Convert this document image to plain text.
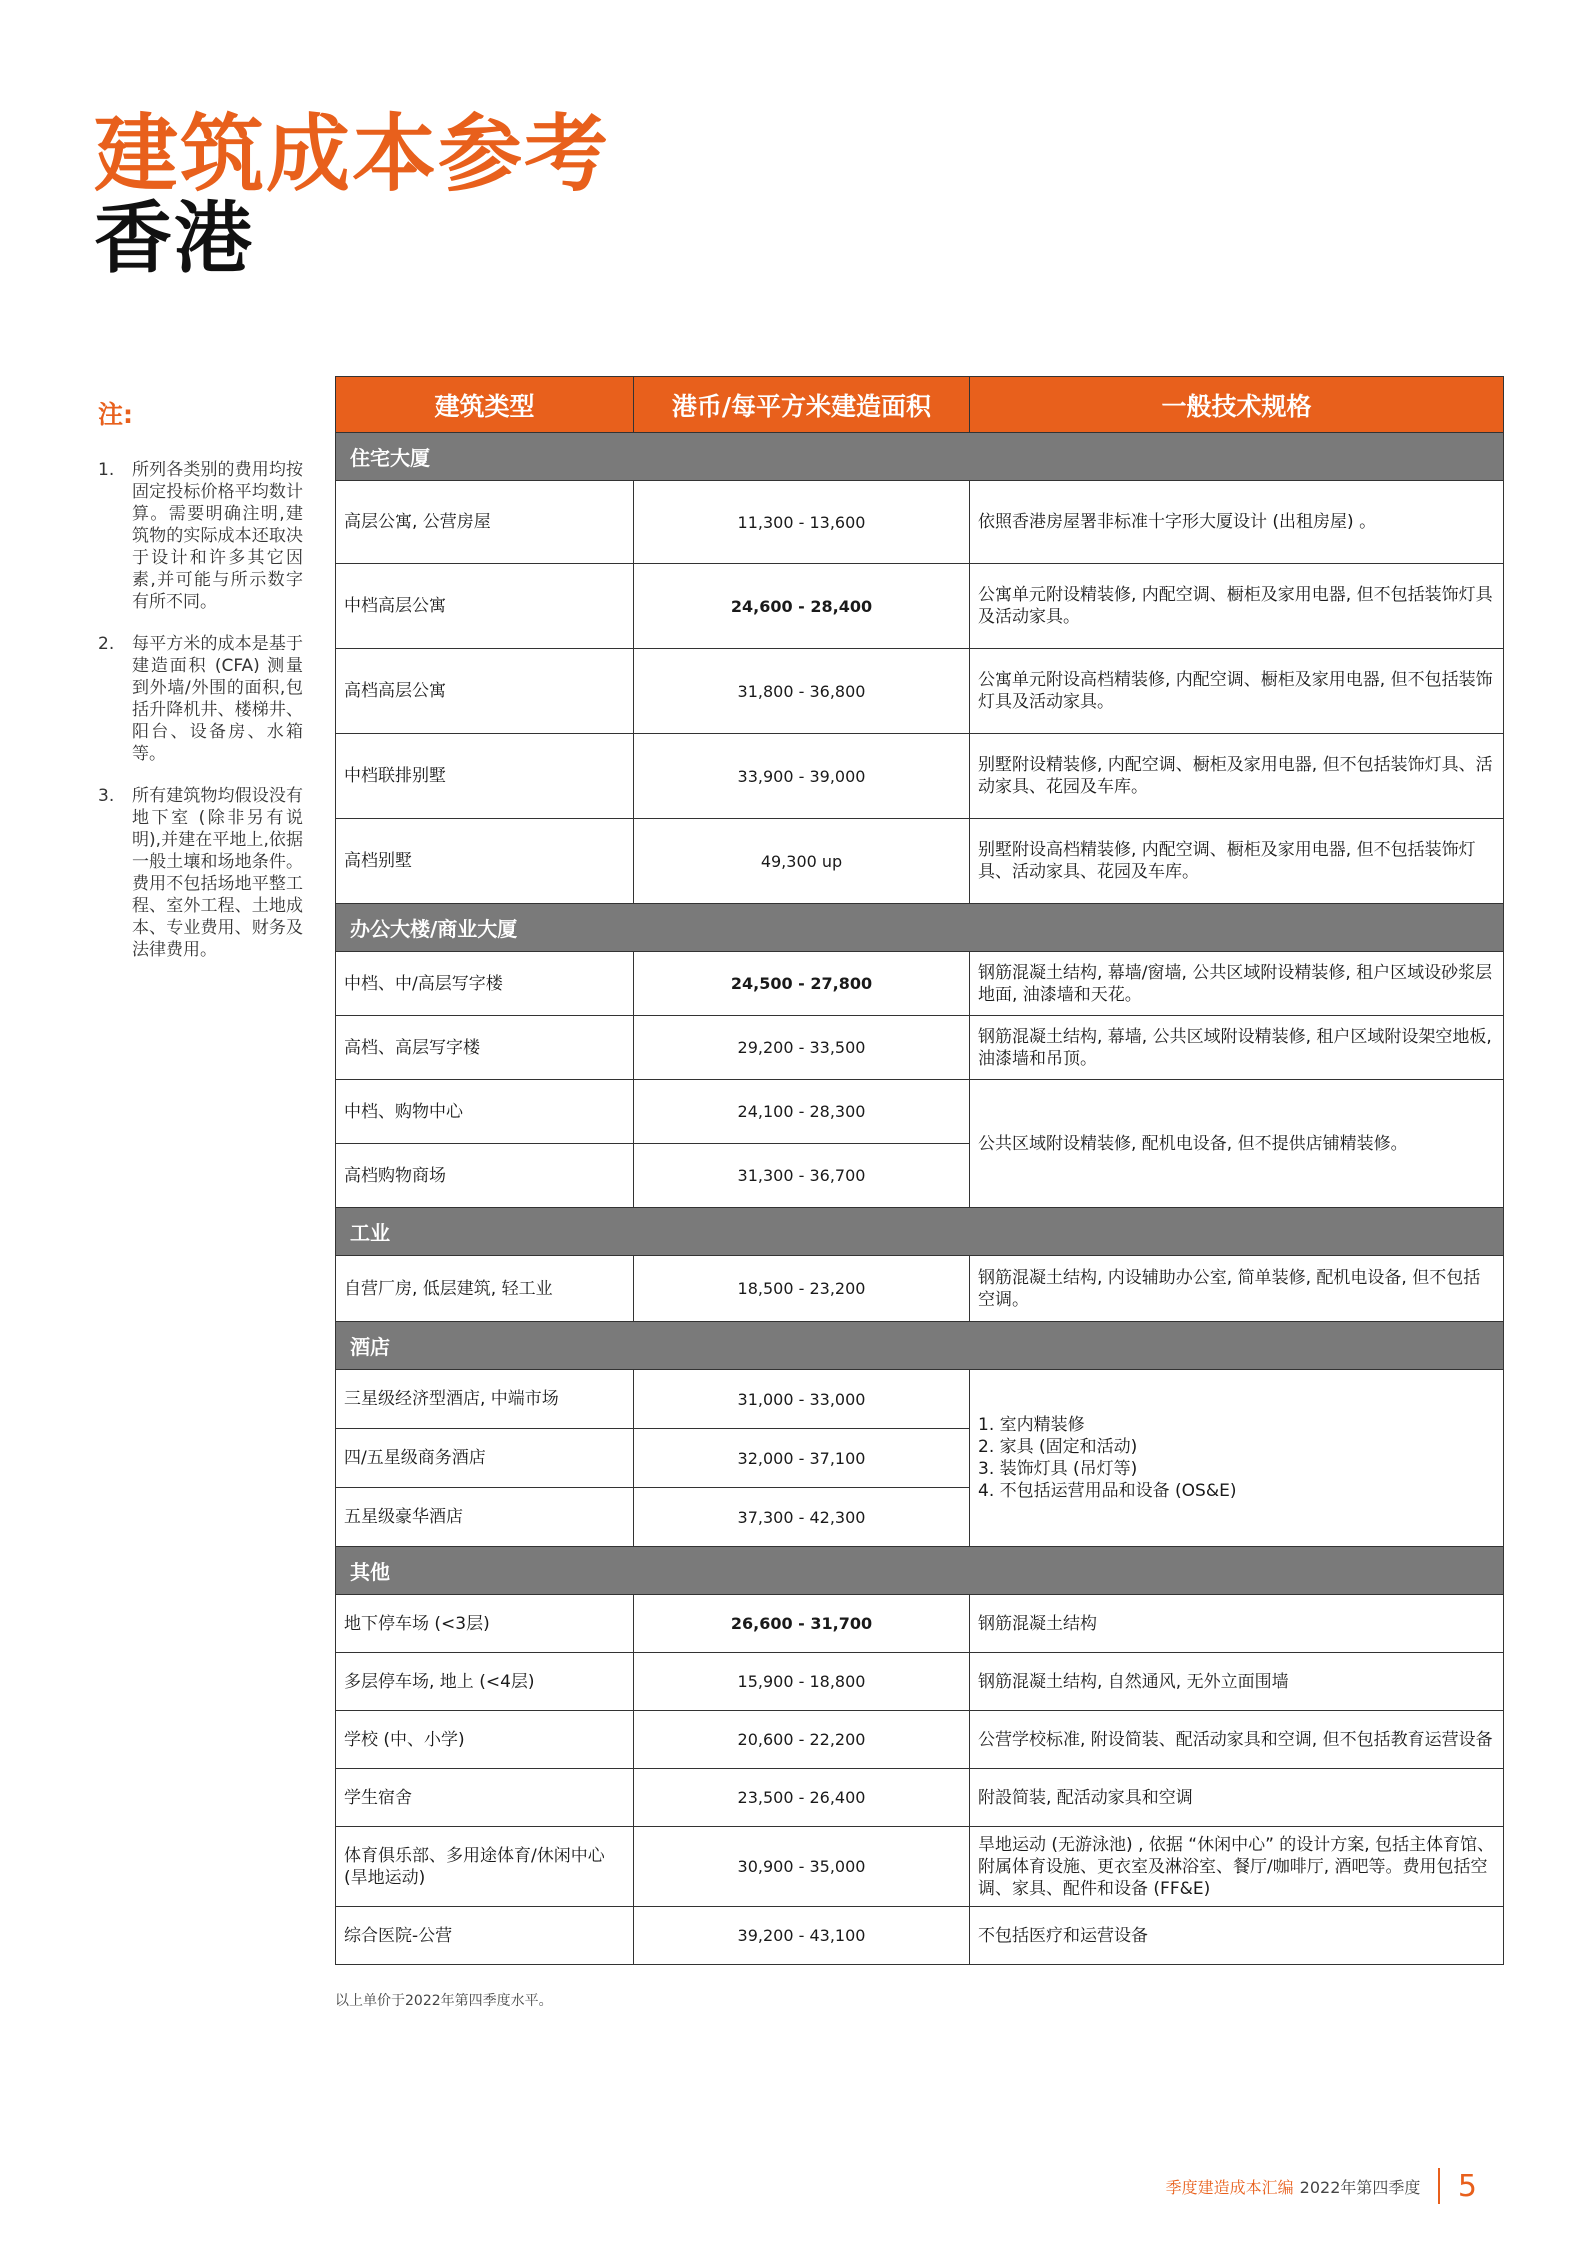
建筑成本参考
香港
注:
1.	所列各类别的费用均按固定投标价格平均数计算。需要明确注明,建筑物的实际成本还取决于设计和许多其它因素,并可能与所示数字有所不同。
2.	每平方米的成本是基于建造面积 (CFA) 测量到外墙/外围的面积,包括升降机井、楼梯井、阳台、设备房、水箱等。
3.	所有建筑物均假设没有地下室 (除非另有说明),并建在平地上,依据一般土壤和场地条件。费用不包括场地平整工程、室外工程、土地成本、专业费用、财务及法律费用。
建筑类型	港币/每平方米建造面积	一般技术规格
住宅大厦		
高层公寓, 公营房屋	11,300 - 13,600	依照香港房屋署非标准十字形大厦设计 (出租房屋) 。
中档高层公寓	24,600 - 28,400	公寓单元附设精装修, 内配空调、橱柜及家用电器, 但不包括装饰灯具及活动家具。
高档高层公寓	31,800 - 36,800	公寓单元附设高档精装修, 内配空调、橱柜及家用电器, 但不包括装饰灯具及活动家具。
中档联排别墅	33,900 - 39,000	别墅附设精装修, 内配空调、橱柜及家用电器, 但不包括装饰灯具、活动家具、花园及车库。
高档别墅	49,300 up	别墅附设高档精装修, 内配空调、橱柜及家用电器, 但不包括装饰灯具、活动家具、花园及车库。
办公大楼/商业大厦		
中档、中/高层写字楼	24,500 - 27,800	钢筋混凝土结构, 幕墙/窗墙, 公共区域附设精装修, 租户区域设砂浆层地面, 油漆墙和天花。
高档、高层写字楼	29,200 - 33,500	钢筋混凝土结构, 幕墙, 公共区域附设精装修, 租户区域附设架空地板, 油漆墙和吊顶。
中档、购物中心	24,100 - 28,300	公共区域附设精装修, 配机电设备, 但不提供店铺精装修。
高档购物商场	31,300 - 36,700	
工业		
自营厂房, 低层建筑, 轻工业	18,500 - 23,200	钢筋混凝土结构, 内设辅助办公室, 简单装修, 配机电设备, 但不包括空调。
酒店		
三星级经济型酒店, 中端市场	31,000 - 33,000	1. 室内精装修
2. 家具 (固定和活动)
3. 装饰灯具 (吊灯等)
4. 不包括运营用品和设备 (OS&E)

四/五星级商务酒店	32,000 - 37,100	
五星级豪华酒店	37,300 - 42,300	
其他		
地下停车场 (<3层)	26,600 - 31,700	钢筋混凝土结构
多层停车场, 地上 (<4层)	15,900 - 18,800	钢筋混凝土结构, 自然通风, 无外立面围墙
学校 (中、小学)	20,600 - 22,200	公营学校标准, 附设简装、配活动家具和空调, 但不包括教育运营设备
学生宿舍	23,500 - 26,400	附設简装, 配活动家具和空调
体育俱乐部、多用途体育/休闲中心 (旱地运动)	30,900 - 35,000	旱地运动 (无游泳池) , 依据 “休闲中心” 的设计方案, 包括主体育馆、附属体育设施、更衣室及淋浴室、餐厅/咖啡厅, 酒吧等。费用包括空调、家具、配件和设备 (FF&E)
综合医院-公营	39,200 - 43,100	不包括医疗和运营设备
以上单价于2022年第四季度水平。
季度建造成本汇编 2022年第四季度 5
